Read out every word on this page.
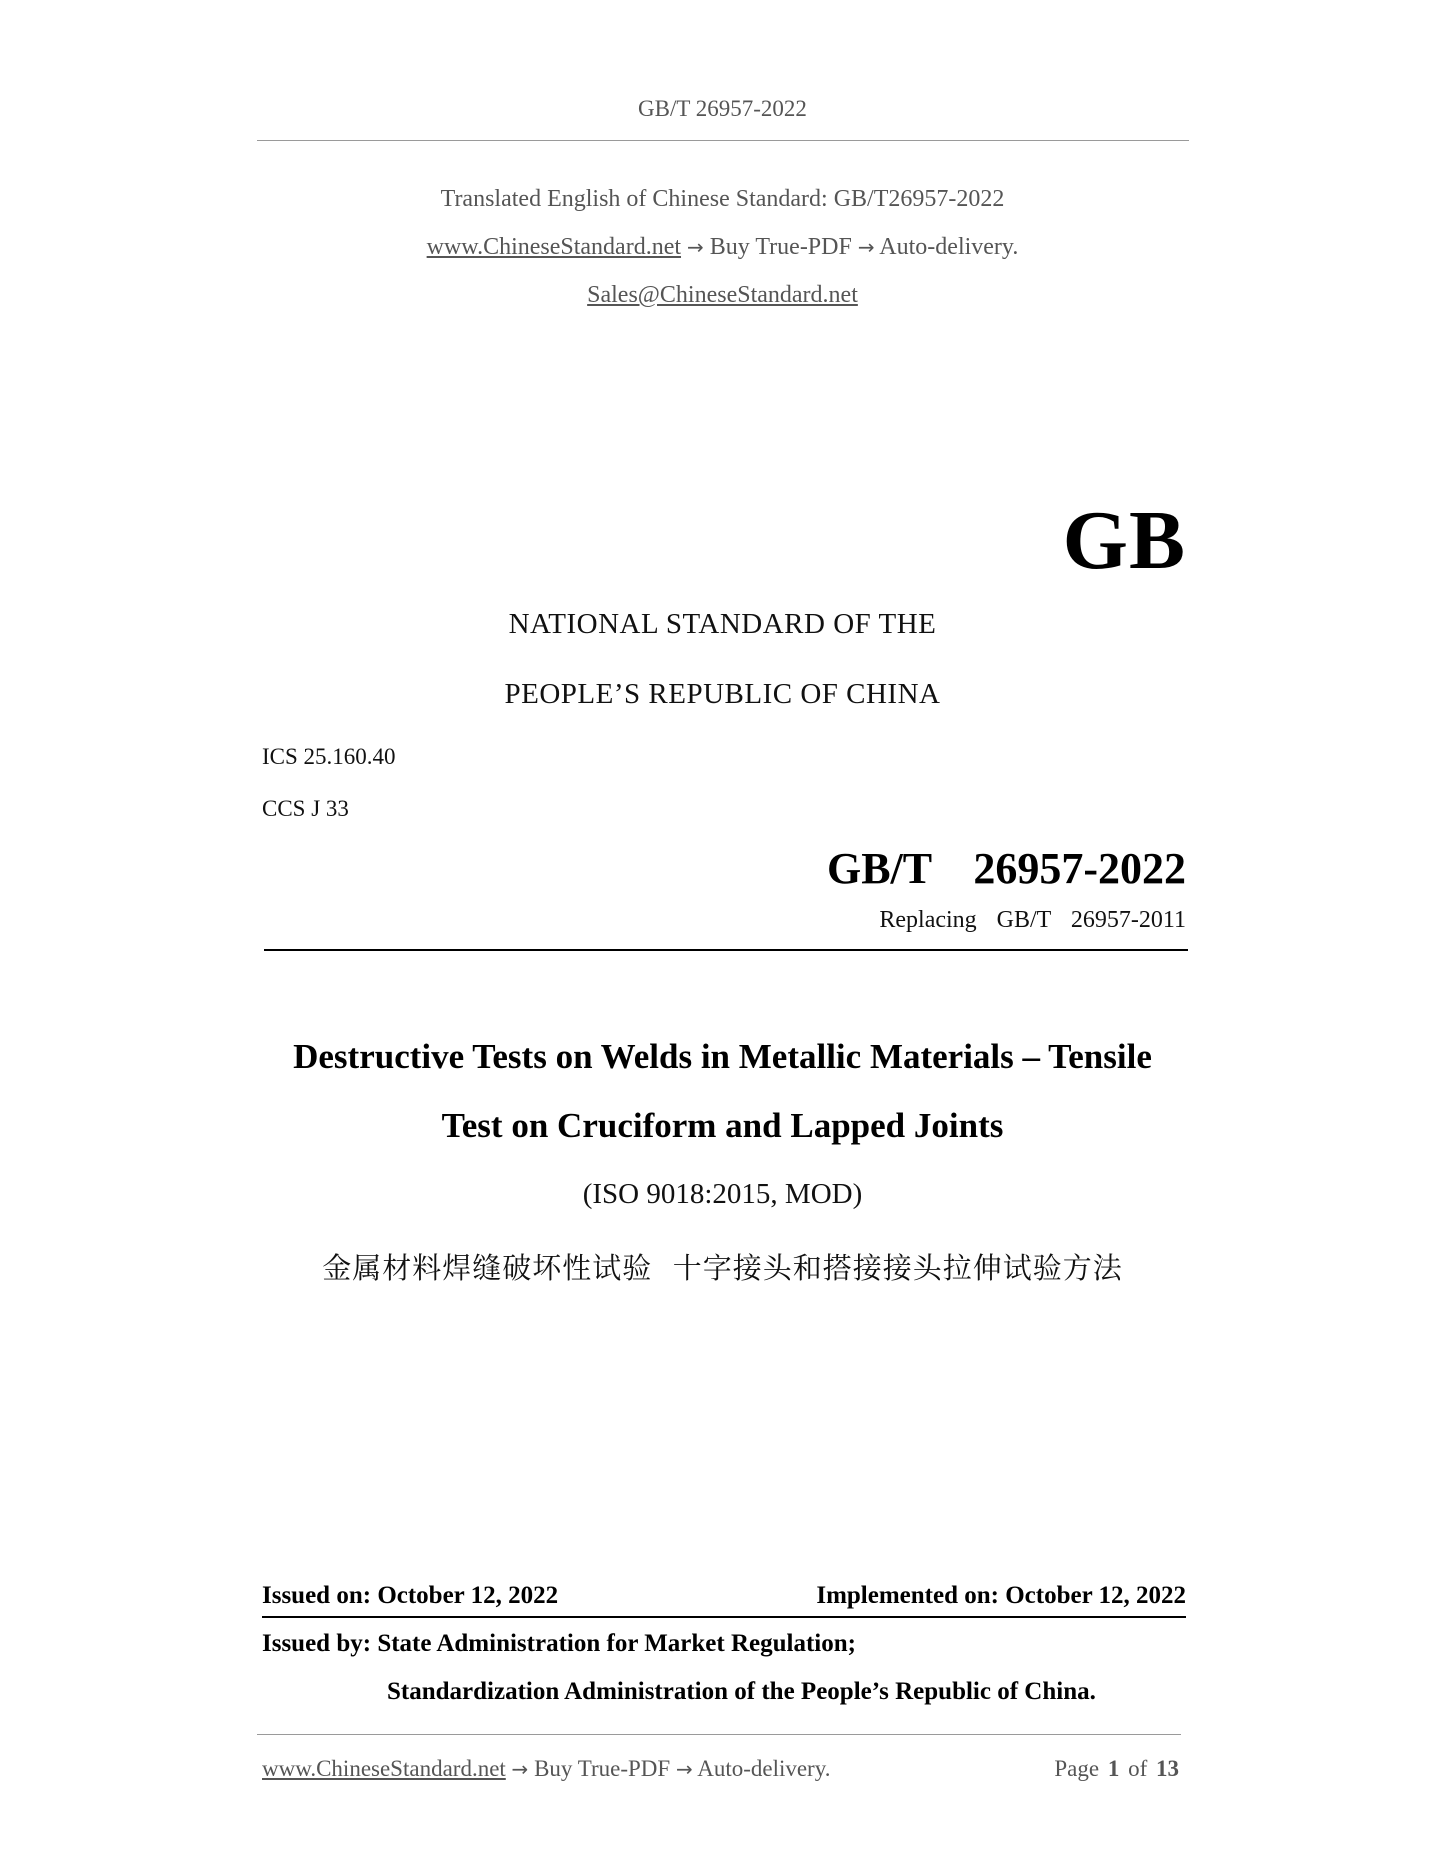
GB/T 26957-2022
Translated English of Chinese Standard: GB/T26957-2022
www.ChineseStandard.net → Buy True-PDF → Auto-delivery.
Sales@ChineseStandard.net
GB
NATIONAL STANDARD OF THE
PEOPLE’S REPUBLIC OF CHINA
ICS 25.160.40
CCS J 33
GB/T  26957-2022
Replacing  GB/T  26957-2011
Destructive Tests on Welds in Metallic Materials – Tensile
Test on Cruciform and Lapped Joints
(ISO 9018:2015, MOD)
金属材料焊缝破坏性试验  十字接头和搭接接头拉伸试验方法
Issued on: October 12, 2022	Implemented on: October 12, 2022
Issued by: State Administration for Market Regulation;
Standardization Administration of the People’s Republic of China.
www.ChineseStandard.net → Buy True-PDF → Auto-delivery.	Page 1 of 13
